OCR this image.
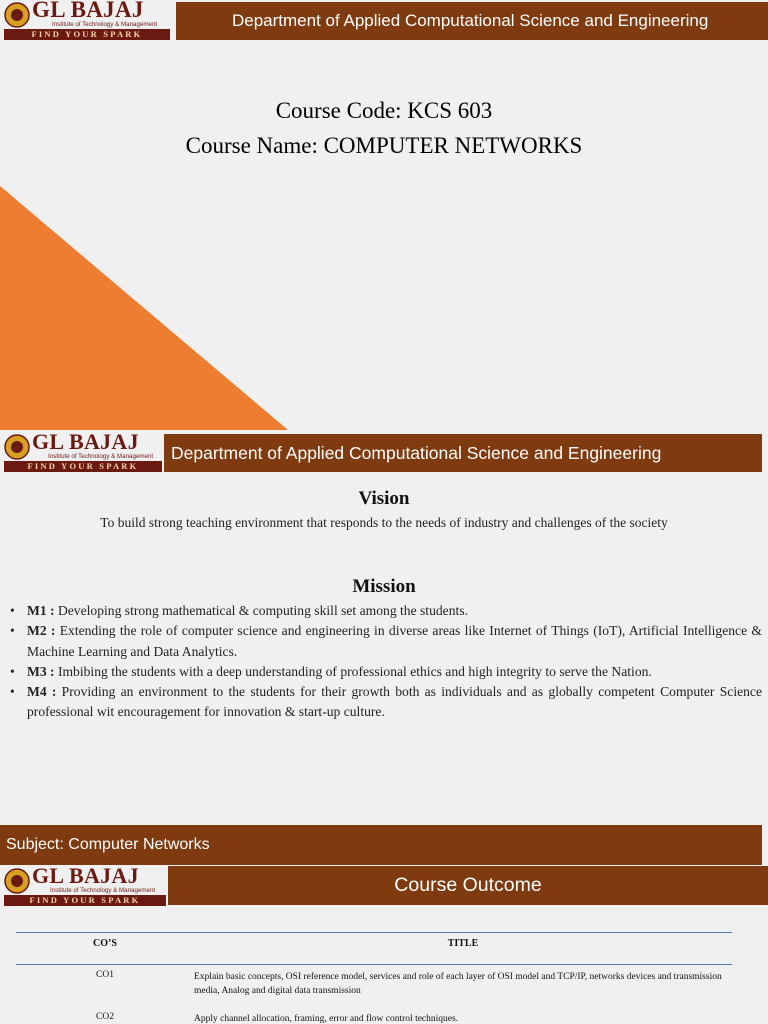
GL BAJAJ
Institute of Technology & Management
FIND YOUR SPARK
Department of Applied Computational Science and Engineering
Course Code: KCS 603
Course Name: COMPUTER NETWORKS
GL BAJAJ
Institute of Technology & Management
FIND YOUR SPARK
Department of Applied Computational Science and Engineering
Vision
To build strong teaching environment that responds to the needs of industry and challenges of the society
Mission
• M1 : Developing strong mathematical & computing skill set among the students.
• M2 : Extending the role of computer science and engineering in diverse areas like Internet of Things (IoT), Artificial Intelligence & Machine Learning and Data Analytics.
• M3 : Imbibing the students with a deep understanding of professional ethics and high integrity to serve the Nation.
• M4 : Providing an environment to the students for their growth both as individuals and as globally competent Computer Science professional wit encouragement for innovation & start-up culture.
Subject: Computer Networks
GL BAJAJ
Institute of Technology & Management
FIND YOUR SPARK
Course Outcome
CO’S	TITLE
CO1	Explain basic concepts, OSI reference model, services and role of each layer of OSI model and TCP/IP, networks devices and transmission media, Analog and digital data transmission
CO2	Apply channel allocation, framing, error and flow control techniques.
